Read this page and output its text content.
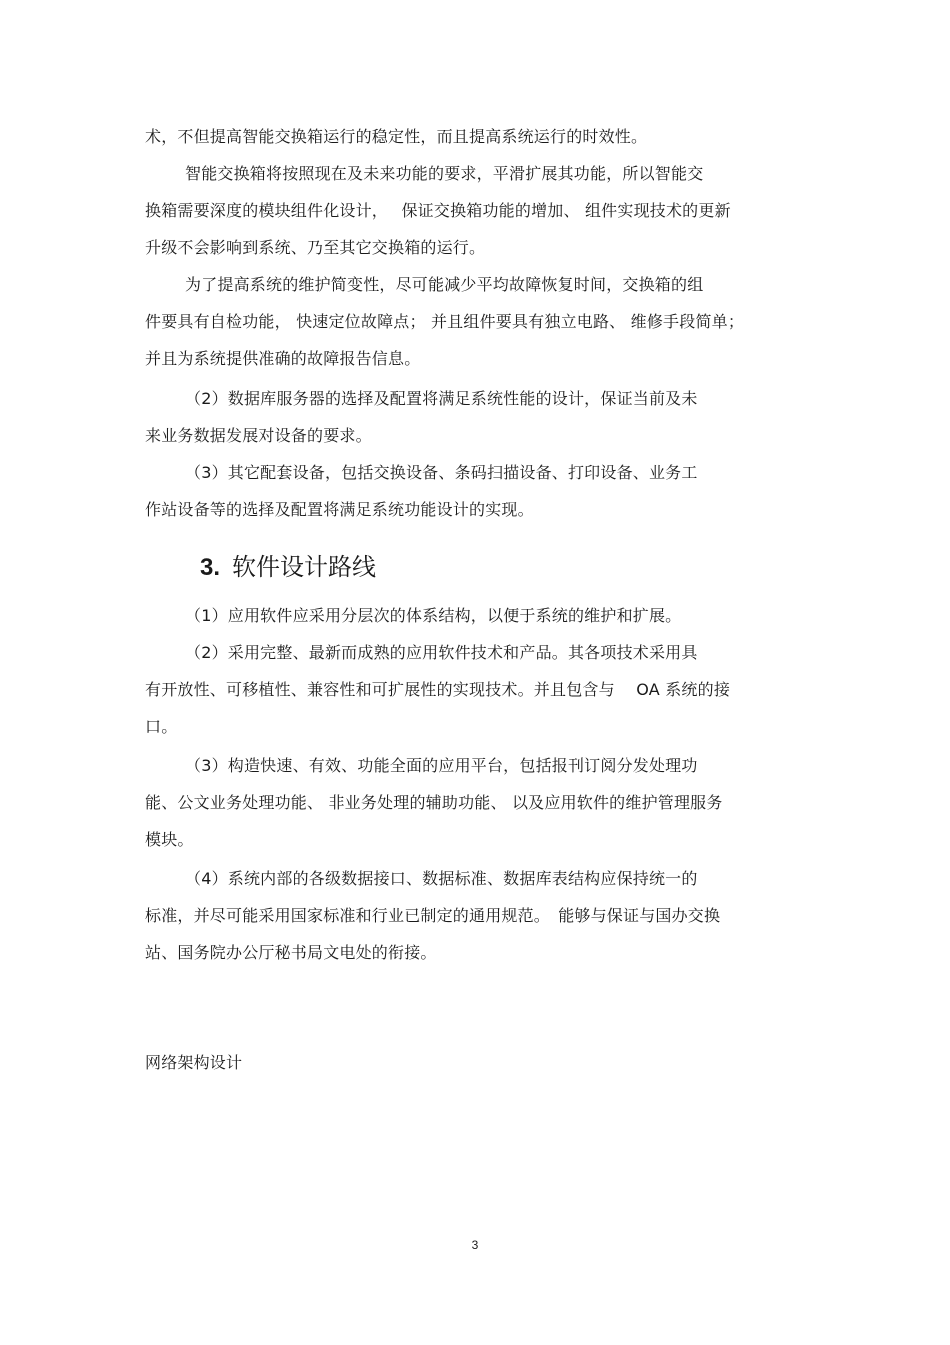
术，不但提高智能交换箱运行的稳定性，而且提高系统运行的时效性。
智能交换箱将按照现在及未来功能的要求，平滑扩展其功能，所以智能交
换箱需要深度的模块组件化设计，　 保证交换箱功能的增加、 组件实现技术的更新
升级不会影响到系统、乃至其它交换箱的运行。
为了提高系统的维护简变性，尽可能减少平均故障恢复时间，交换箱的组
件要具有自检功能， 快速定位故障点； 并且组件要具有独立电路、 维修手段简单；
并且为系统提供准确的故障报告信息。
（2）数据库服务器的选择及配置将满足系统性能的设计，保证当前及未
来业务数据发展对设备的要求。
（3）其它配套设备，包括交换设备、条码扫描设备、打印设备、业务工
作站设备等的选择及配置将满足系统功能设计的实现。
3. 软件设计路线
（1）应用软件应采用分层次的体系结构，以便于系统的维护和扩展。
（2）采用完整、最新而成熟的应用软件技术和产品。其各项技术采用具
有开放性、可移植性、兼容性和可扩展性的实现技术。并且包含与　 OA 系统的接
口。
（3）构造快速、有效、功能全面的应用平台，包括报刊订阅分发处理功
能、公文业务处理功能、 非业务处理的辅助功能、 以及应用软件的维护管理服务
模块。
（4）系统内部的各级数据接口、数据标准、数据库表结构应保持统一的
标准，并尽可能采用国家标准和行业已制定的通用规范。　能够与保证与国办交换
站、国务院办公厅秘书局文电处的衔接。
网络架构设计
3
